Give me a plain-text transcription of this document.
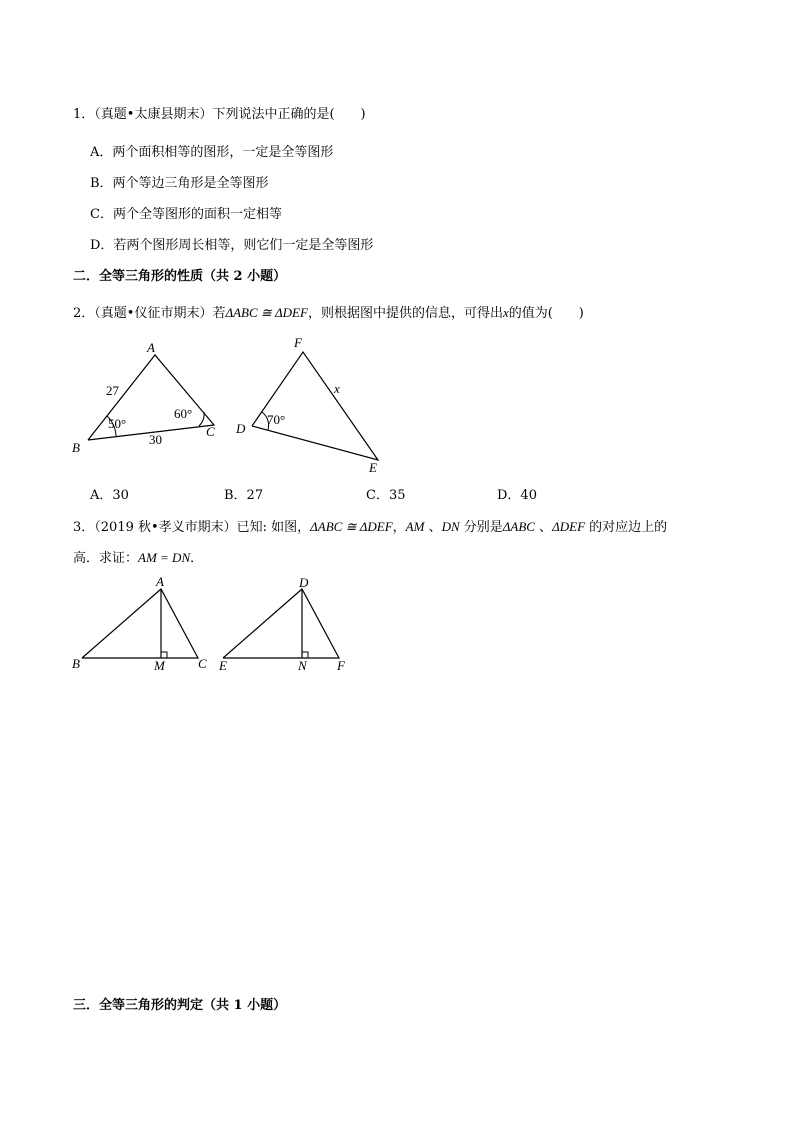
1．（真题•太康县期末）下列说法中正确的是(　　)
A．两个面积相等的图形，一定是全等图形
B．两个等边三角形是全等图形
C．两个全等图形的面积一定相等
D．若两个图形周长相等，则它们一定是全等图形
二．全等三角形的性质（共 2 小题）
2．（真题•仪征市期末）若ΔABC ≅ ΔDEF，则根据图中提供的信息，可得出x的值为(　　)
A
B
C
27
30
50°
60°
F
D
E
x
70°
A．30	B．27	C．35	D．40
3．（2019 秋•孝义市期末）已知: 如图，ΔABC ≅ ΔDEF，AM 、DN 分别是ΔABC 、ΔDEF 的对应边上的
高．求证：AM = DN．
A
B	M	C
D
E	N F
三．全等三角形的判定（共 1 小题）
